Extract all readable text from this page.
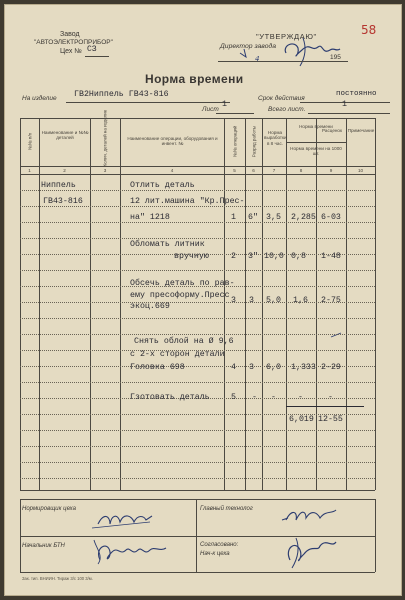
Завод
"АВТОЭЛЕКТРОПРИБОР"
Цех № СЗ
"УТВЕРЖДАЮ"
Директор завода
4	195
58
Норма времени
На изделие ГВ2Ниппель ГВ43-816	Срок действия
постоянно
Лист
1
Всего лист.
1
№№ п/п
Наименование и №№ деталей	Колич. деталей на изделие	Наименование операции, оборудования и инвент. №	№№ операций	Разряд работы	Норма выработки в 8 час.
Норма времени
Норма времени на 1000 шт.
Расценок	Примечание
1	2	3	4	5	6	7	8	9	10
Ниппель
ГВ43-816
Отлить деталь
12 лит.машина "Кр.Прес-
на" 1218	1 6" 3,5 2,285 6-03
Обломать литник
вручную	2 3" 10,0 0,8 1-48
Обсечь деталь по рав-
ему пресоформу.Пресс
экоц.669
3 3 5,0 1,6 2-75
Снять облой на Ø 9,6
с 2-х сторон детали
Головка 698	4 3 6,0 1,333 2-29
Гзотовать деталь	5 - -	-	-
6,019 12-55
Нормировщик цеха	Главный технолог
Начальник БТН	Согласовано:
Нач-к цеха
Зак. тип. ВНИИН. Тираж 3/с 100 3/м.
